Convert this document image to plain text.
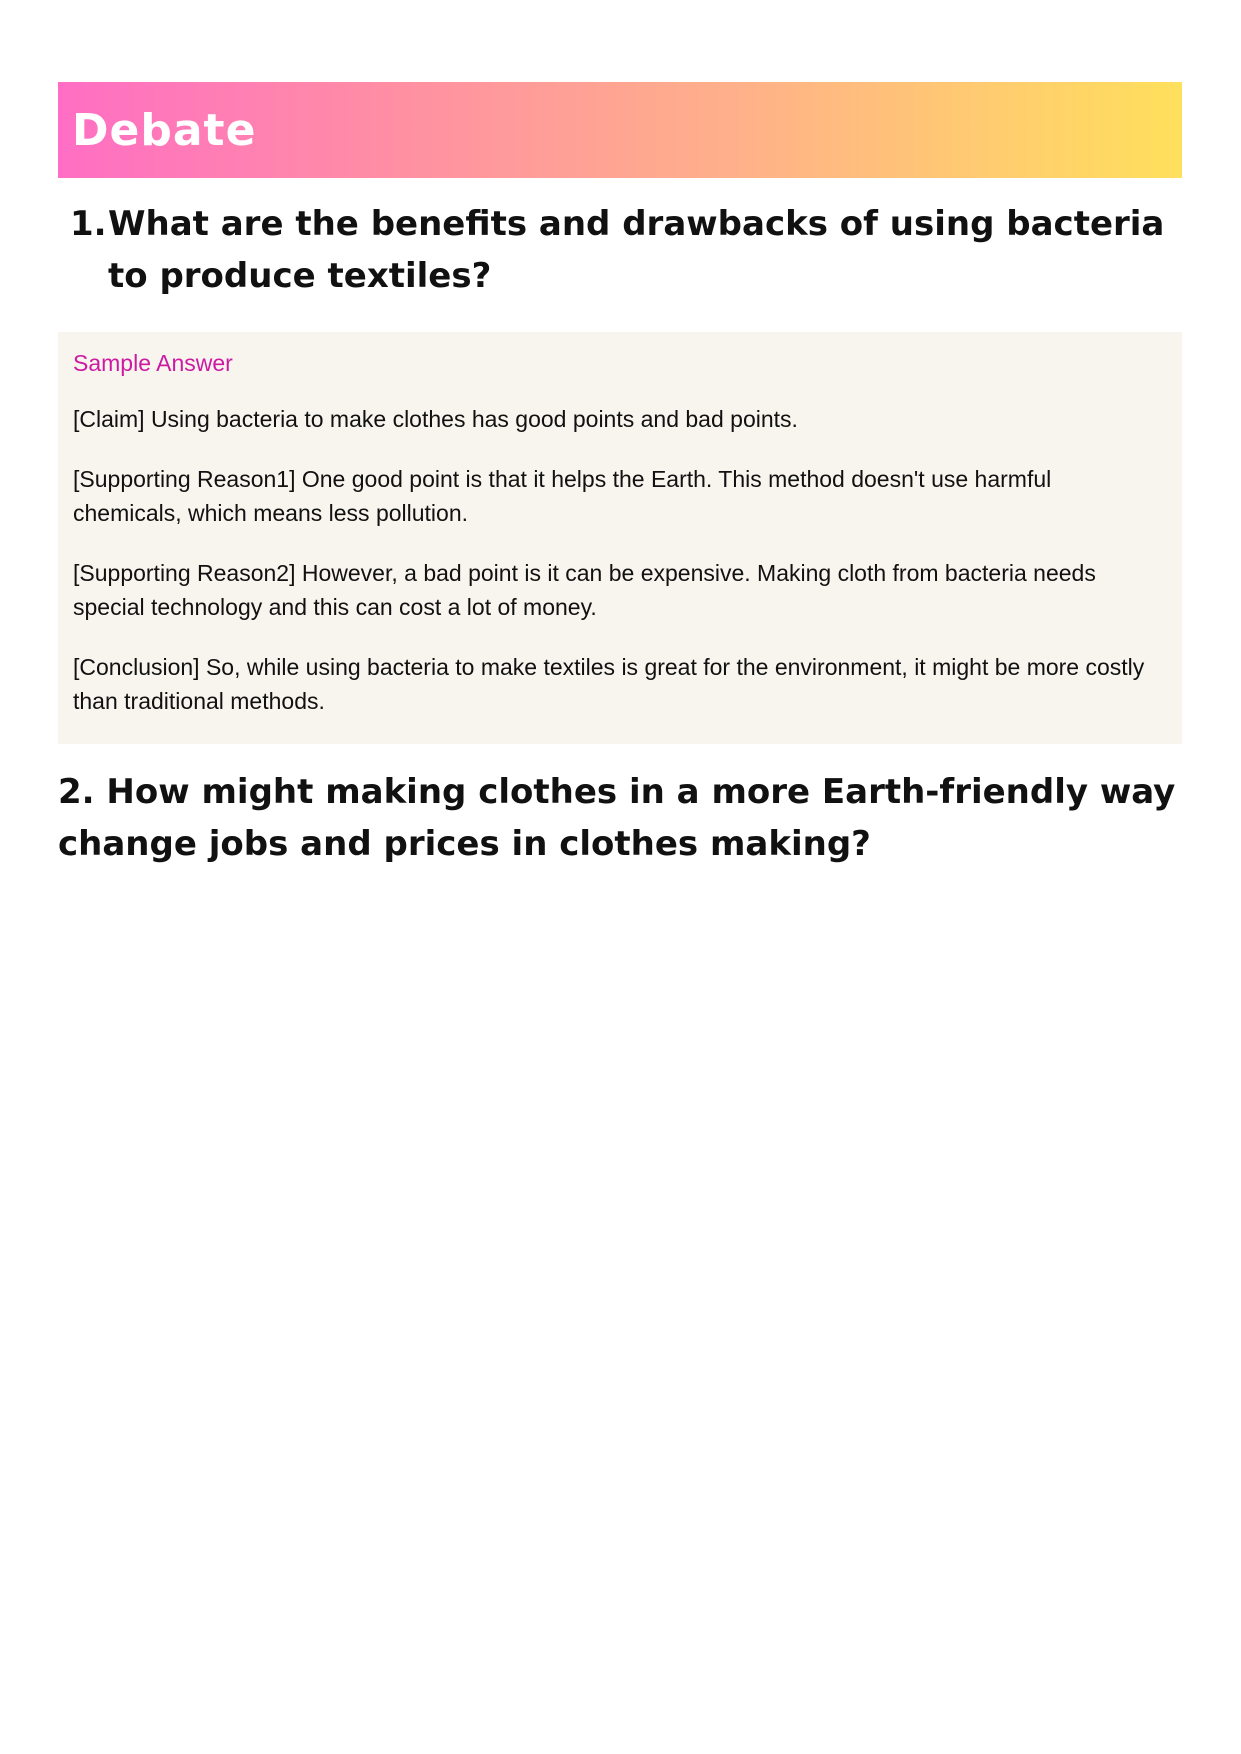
Debate
1. What are the benefits and drawbacks of using bacteria to produce textiles?
Sample Answer

[Claim] Using bacteria to make clothes has good points and bad points.

[Supporting Reason1] One good point is that it helps the Earth. This method doesn't use harmful chemicals, which means less pollution.

[Supporting Reason2] However, a bad point is it can be expensive. Making cloth from bacteria needs special technology and this can cost a lot of money.

[Conclusion] So, while using bacteria to make textiles is great for the environment, it might be more costly than traditional methods.

2. How might making clothes in a more Earth-friendly way change jobs and prices in clothes making?
